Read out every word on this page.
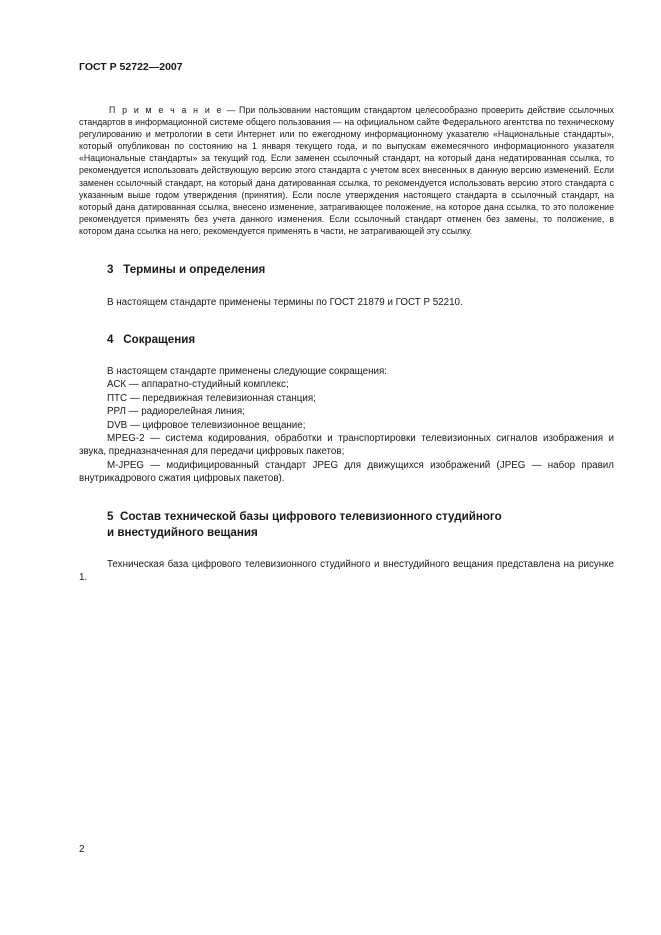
ГОСТ Р 52722—2007

П р и м е ч а н и е — При пользовании настоящим стандартом целесообразно проверить действие ссылочных стандартов в информационной системе общего пользования — на официальном сайте Федерального агентства по техническому регулированию и метрологии в сети Интернет или по ежегодному информационному указателю «Национальные стандарты», который опубликован по состоянию на 1 января текущего года, и по выпускам ежемесячного информационного указателя «Национальные стандарты» за текущий год. Если заменен ссылочный стандарт, на который дана недатированная ссылка, то рекомендуется использовать действующую версию этого стандарта с учетом всех внесенных в данную версию изменений. Если заменен ссылочный стандарт, на который дана датированная ссылка, то рекомендуется использовать версию этого стандарта с указанным выше годом утверждения (принятия). Если после утверждения настоящего стандарта в ссылочный стандарт, на который дана датированная ссылка, внесено изменение, затрагивающее положение, на которое дана ссылка, то это положение рекомендуется применять без учета данного изменения. Если ссылочный стандарт отменен без замены, то положение, в котором дана ссылка на него, рекомендуется применять в части, не затрагивающей эту ссылку.

3 Термины и определения

В настоящем стандарте применены термины по ГОСТ 21879 и ГОСТ Р 52210.

4 Сокращения
В настоящем стандарте применены следующие сокращения:
АСК — аппаратно-студийный комплекс;
ПТС — передвижная телевизионная станция;
РРЛ — радиорелейная линия;
DVB — цифровое телевизионное вещание;
MPEG-2 — система кодирования, обработки и транспортировки телевизионных сигналов изображения и звука, предназначенная для передачи цифровых пакетов;
M-JPEG — модифицированный стандарт JPEG для движущихся изображений (JPEG — набор правил внутрикадрового сжатия цифровых пакетов).
5 Состав технической базы цифрового телевизионного студийного
и внестудийного вещания

Техническая база цифрового телевизионного студийного и внестудийного вещания представлена на рисунке 1.

2
